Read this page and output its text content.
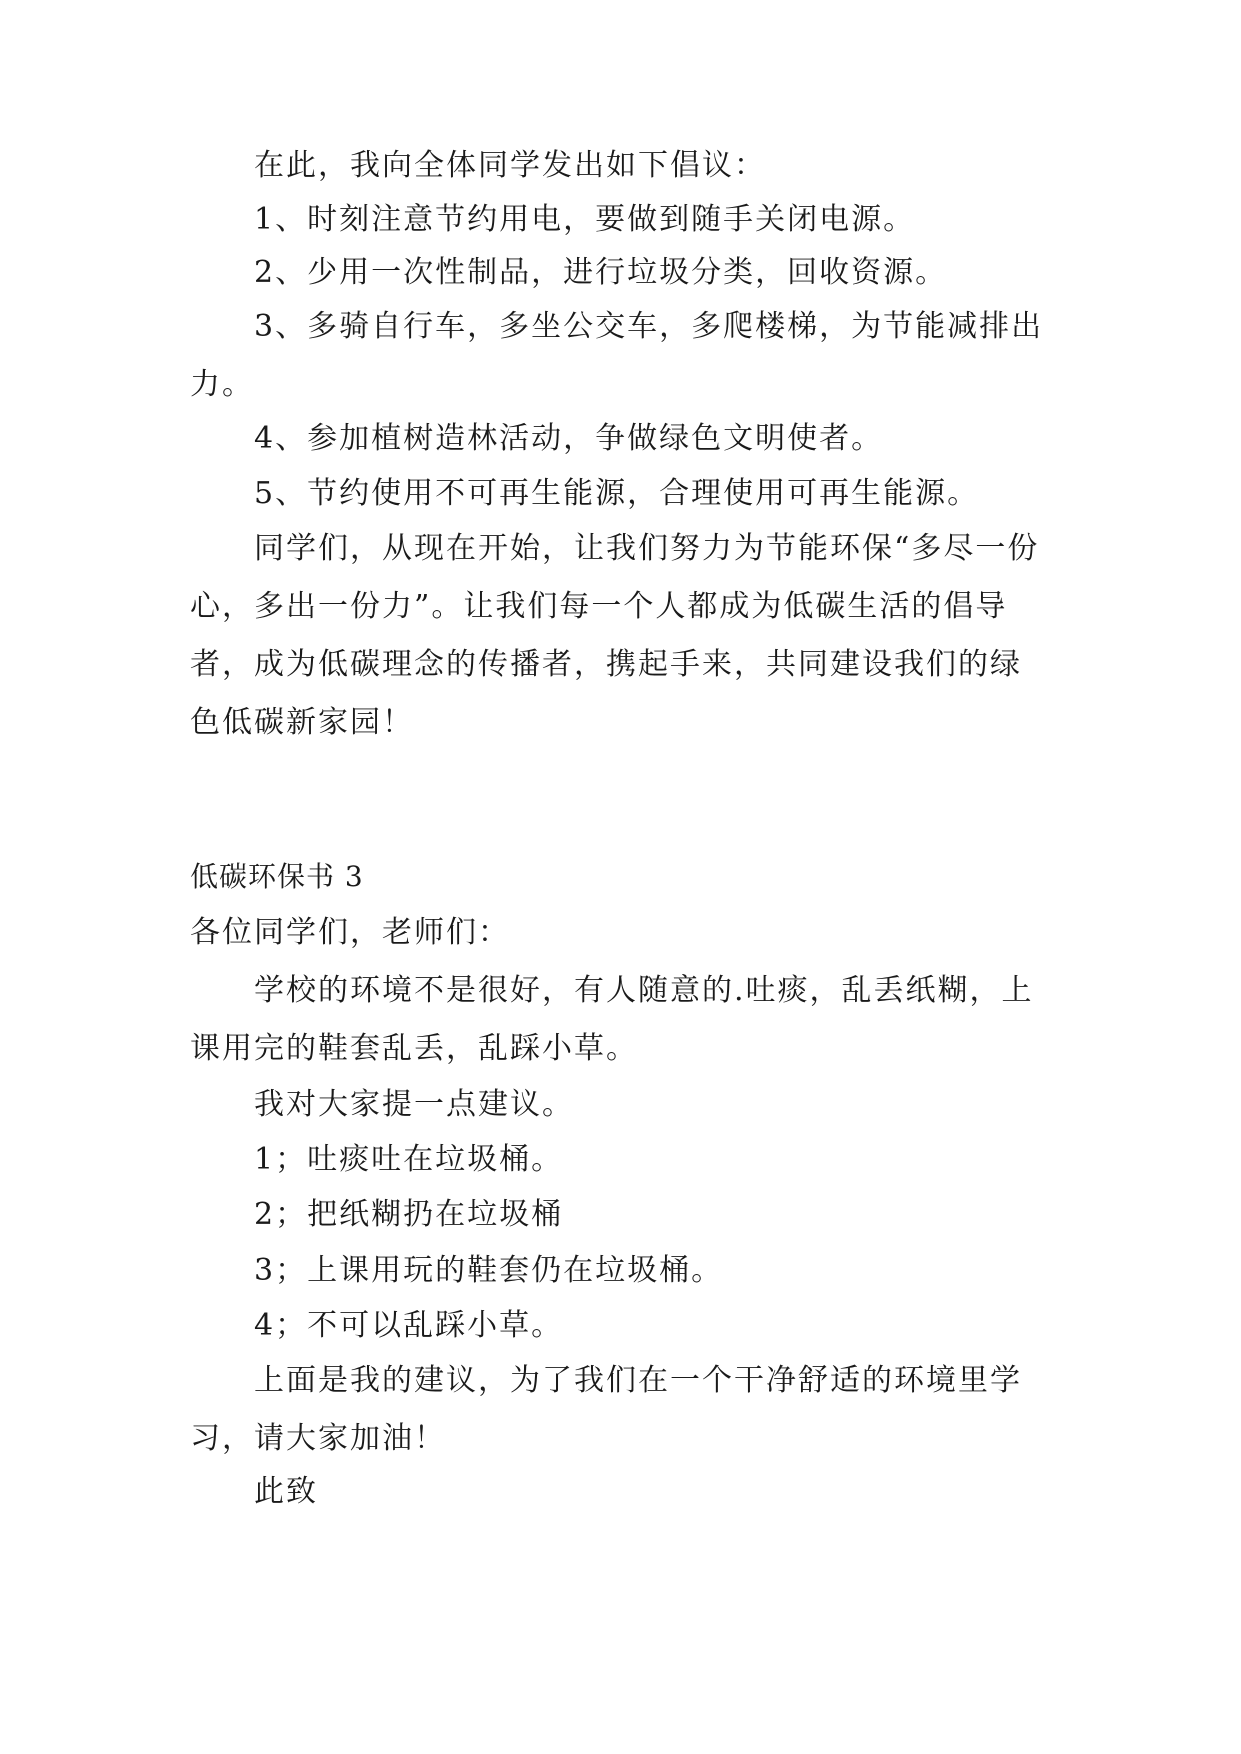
在此，我向全体同学发出如下倡议：

1、时刻注意节约用电，要做到随手关闭电源。

2、少用一次性制品，进行垃圾分类，回收资源。

3、多骑自行车，多坐公交车，多爬楼梯，为节能减排出力。

4、参加植树造林活动，争做绿色文明使者。

5、节约使用不可再生能源，合理使用可再生能源。

同学们，从现在开始，让我们努力为节能环保“多尽一份心，多出一份力”。让我们每一个人都成为低碳生活的倡导者，成为低碳理念的传播者，携起手来，共同建设我们的绿色低碳新家园！

低碳环保书 3

各位同学们，老师们：

学校的环境不是很好，有人随意的.吐痰，乱丢纸糊，上课用完的鞋套乱丢，乱踩小草。

我对大家提一点建议。

1；吐痰吐在垃圾桶。

2；把纸糊扔在垃圾桶

3；上课用玩的鞋套仍在垃圾桶。

4；不可以乱踩小草。

上面是我的建议，为了我们在一个干净舒适的环境里学习，请大家加油！

此致
